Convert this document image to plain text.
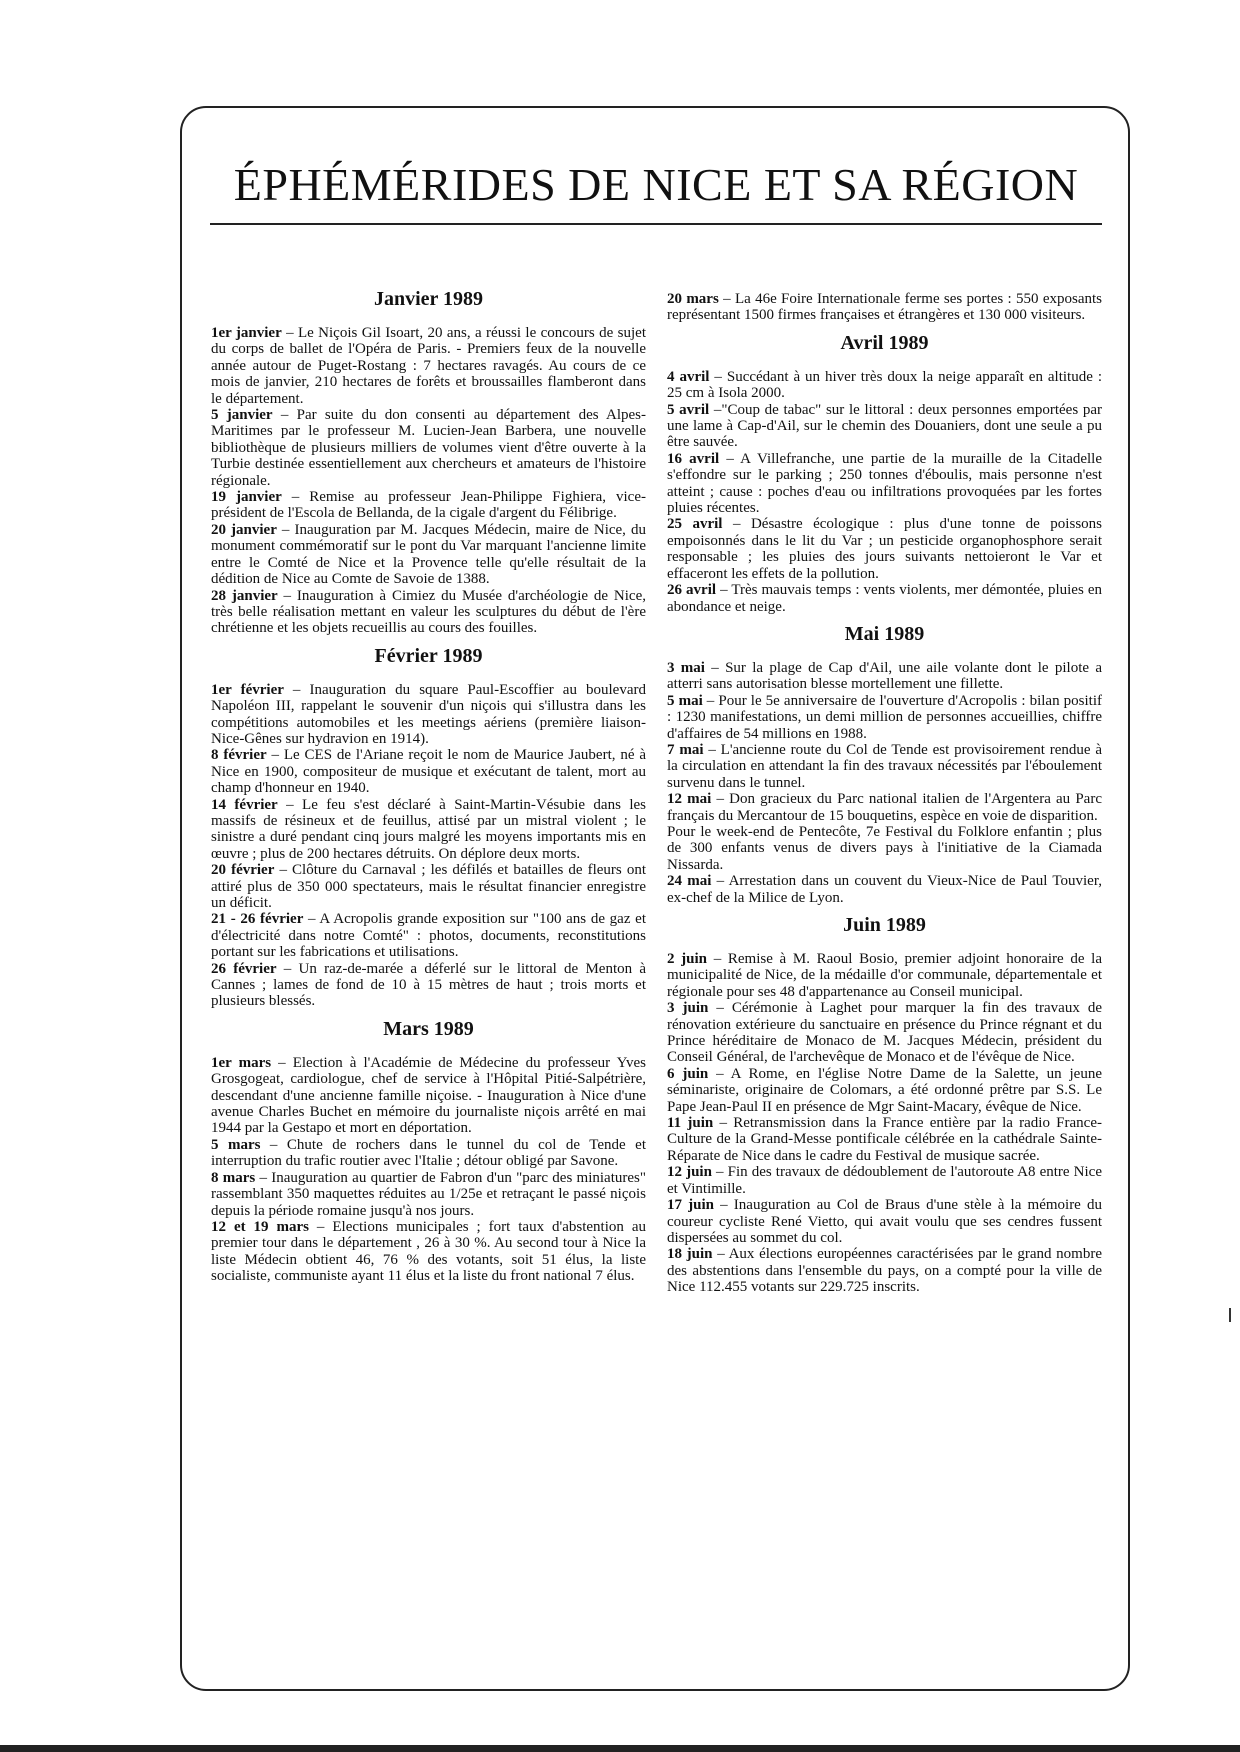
ÉPHÉMÉRIDES DE NICE ET SA RÉGION
Janvier 1989

1er janvier – Le Niçois Gil Isoart, 20 ans, a réussi le concours de sujet du corps de ballet de l'Opéra de Paris. - Premiers feux de la nouvelle année autour de Puget-Rostang : 7 hectares ravagés. Au cours de ce mois de janvier, 210 hectares de forêts et broussailles flamberont dans le département.

5 janvier – Par suite du don consenti au département des Alpes-Maritimes par le professeur M. Lucien-Jean Barbera, une nouvelle bibliothèque de plusieurs milliers de volumes vient d'être ouverte à la Turbie destinée essentiellement aux chercheurs et amateurs de l'histoire régionale.

19 janvier – Remise au professeur Jean-Philippe Fighiera, vice-président de l'Escola de Bellanda, de la cigale d'argent du Félibrige.

20 janvier – Inauguration par M. Jacques Médecin, maire de Nice, du monument commémoratif sur le pont du Var marquant l'ancienne limite entre le Comté de Nice et la Provence telle qu'elle résultait de la dédition de Nice au Comte de Savoie de 1388.

28 janvier – Inauguration à Cimiez du Musée d'archéologie de Nice, très belle réalisation mettant en valeur les sculptures du début de l'ère chrétienne et les objets recueillis au cours des fouilles.

Février 1989

1er février – Inauguration du square Paul-Escoffier au boulevard Napoléon III, rappelant le souvenir d'un niçois qui s'illustra dans les compétitions automobiles et les meetings aériens (première liaison-Nice-Gênes sur hydravion en 1914).

8 février – Le CES de l'Ariane reçoit le nom de Maurice Jaubert, né à Nice en 1900, compositeur de musique et exécutant de talent, mort au champ d'honneur en 1940.

14 février – Le feu s'est déclaré à Saint-Martin-Vésubie dans les massifs de résineux et de feuillus, attisé par un mistral violent ; le sinistre a duré pendant cinq jours malgré les moyens importants mis en œuvre ; plus de 200 hectares détruits. On déplore deux morts.

20 février – Clôture du Carnaval ; les défilés et batailles de fleurs ont attiré plus de 350 000 spectateurs, mais le résultat financier enregistre un déficit.

21 - 26 février – A Acropolis grande exposition sur "100 ans de gaz et d'électricité dans notre Comté" : photos, documents, reconstitutions portant sur les fabrications et utilisations.

26 février – Un raz-de-marée a déferlé sur le littoral de Menton à Cannes ; lames de fond de 10 à 15 mètres de haut ; trois morts et plusieurs blessés.

Mars 1989

1er mars – Election à l'Académie de Médecine du professeur Yves Grosgogeat, cardiologue, chef de service à l'Hôpital Pitié-Salpétrière, descendant d'une ancienne famille niçoise. - Inauguration à Nice d'une avenue Charles Buchet en mémoire du journaliste niçois arrêté en mai 1944 par la Gestapo et mort en déportation.

5 mars – Chute de rochers dans le tunnel du col de Tende et interruption du trafic routier avec l'Italie ; détour obligé par Savone.

8 mars – Inauguration au quartier de Fabron d'un "parc des miniatures" rassemblant 350 maquettes réduites au 1/25e et retraçant le passé niçois depuis la période romaine jusqu'à nos jours.

12 et 19 mars – Elections municipales ; fort taux d'abstention au premier tour dans le département , 26 à 30 %. Au second tour à Nice la liste Médecin obtient 46, 76 % des votants, soit 51 élus, la liste socialiste, communiste ayant 11 élus et la liste du front national 7 élus.

20 mars – La 46e Foire Internationale ferme ses portes : 550 exposants représentant 1500 firmes françaises et étrangères et 130 000 visiteurs.

Avril 1989

4 avril – Succédant à un hiver très doux la neige apparaît en altitude : 25 cm à Isola 2000.

5 avril –"Coup de tabac" sur le littoral : deux personnes emportées par une lame à Cap-d'Ail, sur le chemin des Douaniers, dont une seule a pu être sauvée.

16 avril – A Villefranche, une partie de la muraille de la Citadelle s'effondre sur le parking ; 250 tonnes d'éboulis, mais personne n'est atteint ; cause : poches d'eau ou infiltrations provoquées par les fortes pluies récentes.

25 avril – Désastre écologique : plus d'une tonne de poissons empoisonnés dans le lit du Var ; un pesticide organophosphore serait responsable ; les pluies des jours suivants nettoieront le Var et effaceront les effets de la pollution.

26 avril – Très mauvais temps : vents violents, mer démontée, pluies en abondance et neige.

Mai 1989

3 mai – Sur la plage de Cap d'Ail, une aile volante dont le pilote a atterri sans autorisation blesse mortellement une fillette.

5 mai – Pour le 5e anniversaire de l'ouverture d'Acropolis : bilan positif : 1230 manifestations, un demi million de personnes accueillies, chiffre d'affaires de 54 millions en 1988.

7 mai – L'ancienne route du Col de Tende est provisoirement rendue à la circulation en attendant la fin des travaux nécessités par l'éboulement survenu dans le tunnel.

12 mai – Don gracieux du Parc national italien de l'Argentera au Parc français du Mercantour de 15 bouquetins, espèce en voie de disparition.

Pour le week-end de Pentecôte, 7e Festival du Folklore enfantin ; plus de 300 enfants venus de divers pays à l'initiative de la Ciamada Nissarda.

24 mai – Arrestation dans un couvent du Vieux-Nice de Paul Touvier, ex-chef de la Milice de Lyon.

Juin 1989

2 juin – Remise à M. Raoul Bosio, premier adjoint honoraire de la municipalité de Nice, de la médaille d'or communale, départementale et régionale pour ses 48 d'appartenance au Conseil municipal.

3 juin – Cérémonie à Laghet pour marquer la fin des travaux de rénovation extérieure du sanctuaire en présence du Prince régnant et du Prince héréditaire de Monaco de M. Jacques Médecin, président du Conseil Général, de l'archevêque de Monaco et de l'évêque de Nice.

6 juin – A Rome, en l'église Notre Dame de la Salette, un jeune séminariste, originaire de Colomars, a été ordonné prêtre par S.S. Le Pape Jean-Paul II en présence de Mgr Saint-Macary, évêque de Nice.

11 juin – Retransmission dans la France entière par la radio France-Culture de la Grand-Messe pontificale célébrée en la cathédrale Sainte-Réparate de Nice dans le cadre du Festival de musique sacrée.

12 juin – Fin des travaux de dédoublement de l'autoroute A8 entre Nice et Vintimille.

17 juin – Inauguration au Col de Braus d'une stèle à la mémoire du coureur cycliste René Vietto, qui avait voulu que ses cendres fussent dispersées au sommet du col.

18 juin – Aux élections européennes caractérisées par le grand nombre des abstentions dans l'ensemble du pays, on a compté pour la ville de Nice 112.455 votants sur 229.725 inscrits.
